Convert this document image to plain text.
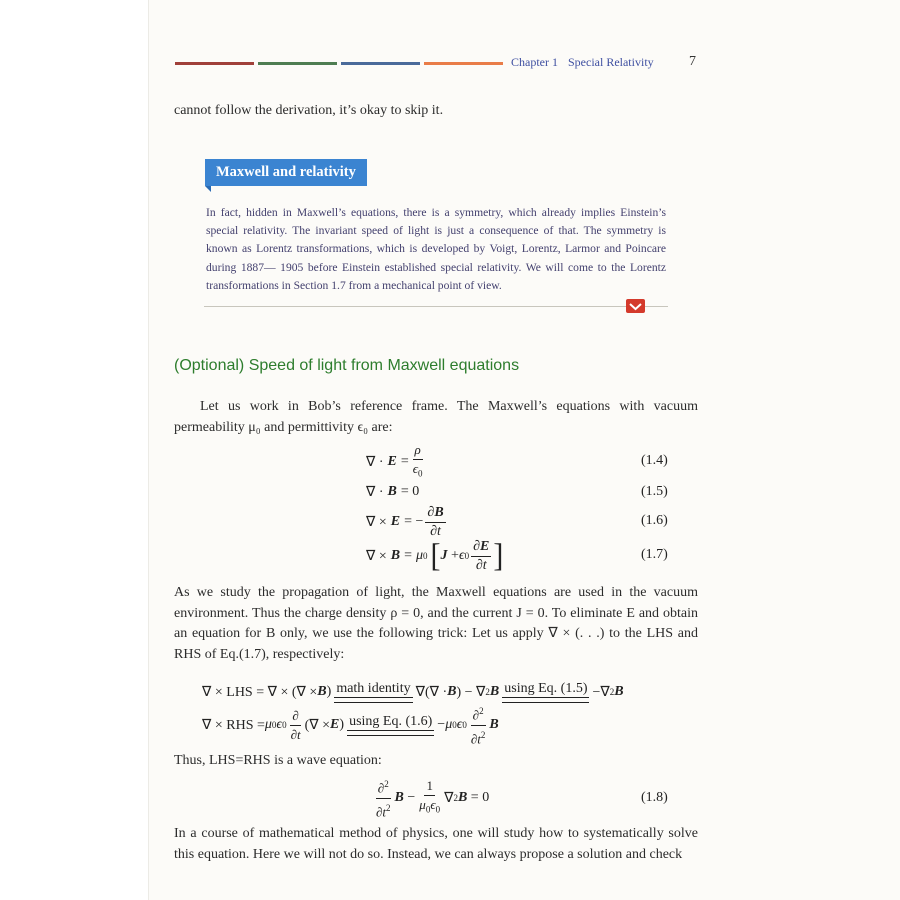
Chapter 1 Special Relativity	7
cannot follow the derivation, it’s okay to skip it.
Maxwell and relativity
In fact, hidden in Maxwell’s equations, there is a symmetry, which already implies Einstein’s special relativity. The invariant speed of light is just a consequence of that. The symmetry is known as Lorentz transformations, which is developed by Voigt, Lorentz, Larmor and Poincare during 1887— 1905 before Einstein established special relativity. We will come to the Lorentz transformations in Section 1.7 from a mechanical point of view.
(Optional) Speed of light from Maxwell equations
Let us work in Bob’s reference frame. The Maxwell’s equations with vacuum permeability μ₀ and permittivity ϵ₀ are:
∇ · $E = \frac{\rho}{\epsilon_0}$	(1.4)
∇ · B = 0	(1.5)
∇ × E = − $\frac{\partial B}{\partial t}$	(1.6)
∇ × B = μ 0 [ J + ϵ $0 \frac{\partial E}{\partial t}$ ]	(1.7)
As we study the propagation of light, the Maxwell equations are used in the vacuum environment. Thus the charge density ρ = 0, and the current J = 0. To eliminate E and obtain an equation for B only, we use the following trick: Let us apply ∇ × (. . .) to the LHS and RHS of Eq.(1.7), respectively:
∇ × LHS = ∇ × (∇ × B ) math identity ∇(∇ · B ) − ∇ 2 B using Eq. (1.5) −∇ 2 B
∇ × RHS = μ 0 ϵ $0 \frac{\partial}{\partial t}$ (∇ × E ) using Eq. (1.6) − μ 0 ϵ $0 \frac{\partial^2}{\partial t^2}$ B
Thus, LHS=RHS is a wave equation:
$\frac{\partial^2}{\partial t^2}$ $B - \frac{1}{\mu_0\epsilon_0}$ ∇ 2 B = 0	(1.8)
In a course of mathematical method of physics, one will study how to systematically solve this equation. Here we will not do so. Instead, we can always propose a solution and check
